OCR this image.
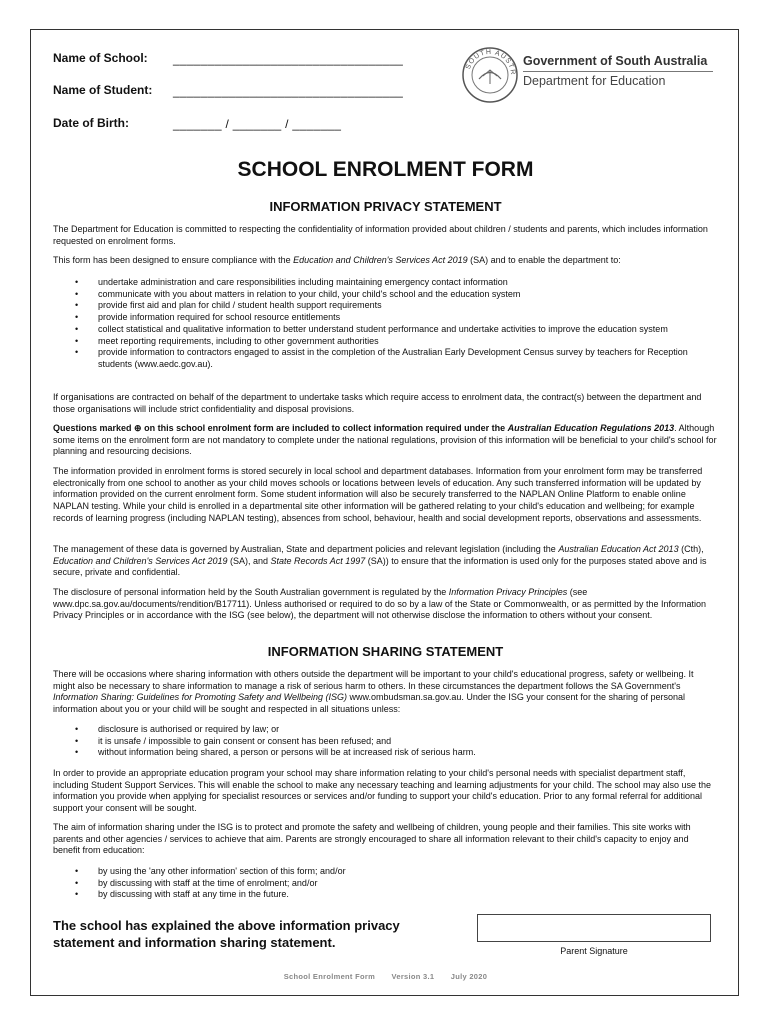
Name of School: _________________________________
Name of Student: _________________________________
Date of Birth:	_______ / _______ / _______
SOUTH AUSTR
Government of South Australia
Department for Education
SCHOOL ENROLMENT FORM
INFORMATION PRIVACY STATEMENT
The Department for Education is committed to respecting the confidentiality of information provided about children / students and parents, which includes information requested on enrolment forms.
This form has been designed to ensure compliance with the Education and Children's Services Act 2019 (SA) and to enable the department to:
• undertake administration and care responsibilities including maintaining emergency contact information
• communicate with you about matters in relation to your child, your child's school and the education system
• provide first aid and plan for child / student health support requirements
• provide information required for school resource entitlements
• collect statistical and qualitative information to better understand student performance and undertake activities to improve the education system
• meet reporting requirements, including to other government authorities
• provide information to contractors engaged to assist in the completion of the Australian Early Development Census survey by teachers for Reception students (www.aedc.gov.au).
If organisations are contracted on behalf of the department to undertake tasks which require access to enrolment data, the contract(s) between the department and those organisations will include strict confidentiality and disposal provisions.
Questions marked ⊕ on this school enrolment form are included to collect information required under the Australian Education Regulations 2013. Although some items on the enrolment form are not mandatory to complete under the national regulations, provision of this information will be beneficial to your child's school for planning and resourcing decisions.
The information provided in enrolment forms is stored securely in local school and department databases. Information from your enrolment form may be transferred electronically from one school to another as your child moves schools or locations between levels of education. Any such transferred information will be updated by information provided on the current enrolment form. Some student information will also be securely transferred to the NAPLAN Online Platform to enable online NAPLAN testing. While your child is enrolled in a departmental site other information will be gathered relating to your child's education and wellbeing; for example records of learning progress (including NAPLAN testing), absences from school, behaviour, health and social development reports, observations and assessments.
The management of these data is governed by Australian, State and department policies and relevant legislation (including the Australian Education Act 2013 (Cth), Education and Children's Services Act 2019 (SA), and State Records Act 1997 (SA)) to ensure that the information is used only for the purposes stated above and is secure, private and confidential.
The disclosure of personal information held by the South Australian government is regulated by the Information Privacy Principles (see www.dpc.sa.gov.au/documents/rendition/B17711). Unless authorised or required to do so by a law of the State or Commonwealth, or as permitted by the Information Privacy Principles or in accordance with the ISG (see below), the department will not otherwise disclose the information to others without your consent.
INFORMATION SHARING STATEMENT
There will be occasions where sharing information with others outside the department will be important to your child's educational progress, safety or wellbeing. It might also be necessary to share information to manage a risk of serious harm to others. In these circumstances the department follows the SA Government's Information Sharing: Guidelines for Promoting Safety and Wellbeing (ISG) www.ombudsman.sa.gov.au. Under the ISG your consent for the sharing of personal information about you or your child will be sought and respected in all situations unless:
• disclosure is authorised or required by law; or
• it is unsafe / impossible to gain consent or consent has been refused; and
• without information being shared, a person or persons will be at increased risk of serious harm.
In order to provide an appropriate education program your school may share information relating to your child's personal needs with specialist department staff, including Student Support Services. This will enable the school to make any necessary teaching and learning adjustments for your child. The school may also use the information you provide when applying for specialist resources or services and/or funding to support your child's education. Prior to any formal referral for additional support your consent will be sought.
The aim of information sharing under the ISG is to protect and promote the safety and wellbeing of children, young people and their families. This site works with parents and other agencies / services to achieve that aim. Parents are strongly encouraged to share all information relevant to their child's capacity to enjoy and benefit from education:
• by using the 'any other information' section of this form; and/or
• by discussing with staff at the time of enrolment; and/or
• by discussing with staff at any time in the future.
The school has explained the above information privacy statement and information sharing statement.
Parent Signature
School Enrolment Form Version 3.1 July 2020
